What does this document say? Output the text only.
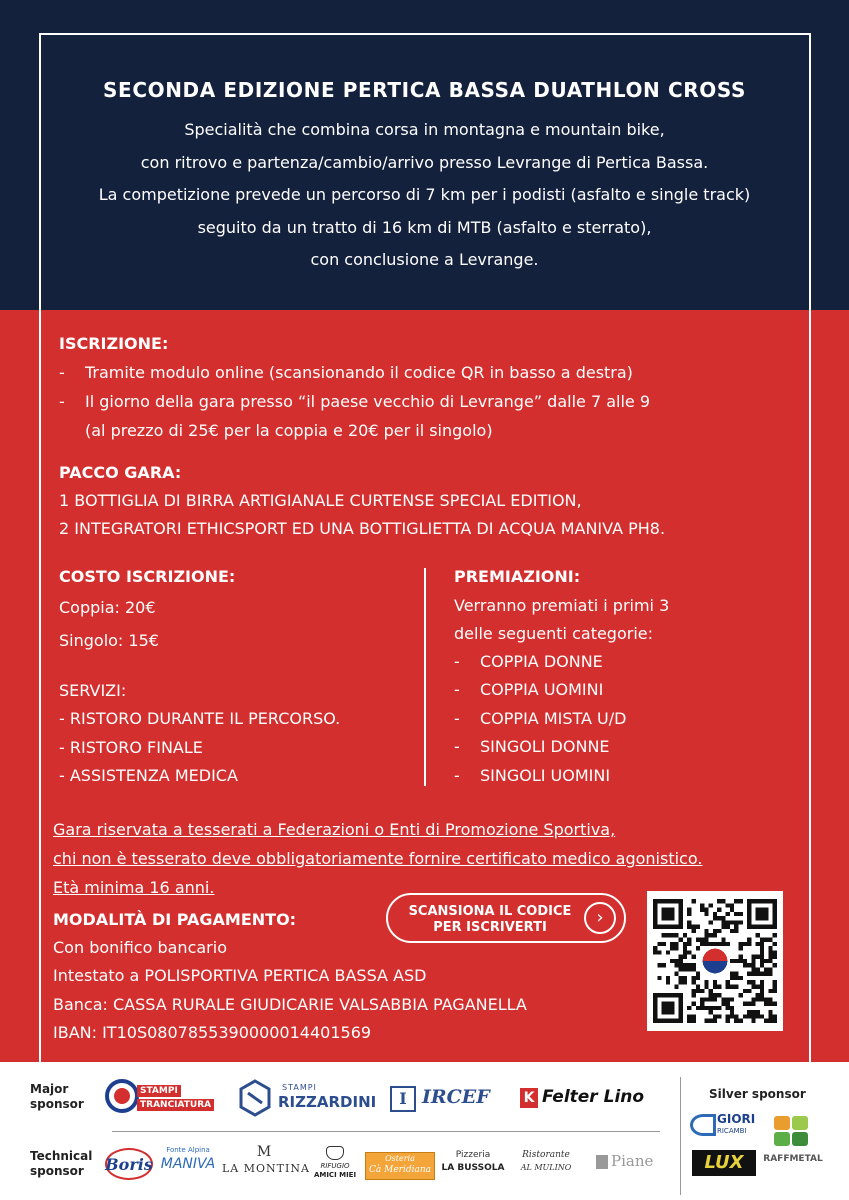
SECONDA EDIZIONE PERTICA BASSA DUATHLON CROSS
Specialità che combina corsa in montagna e mountain bike,
con ritrovo e partenza/cambio/arrivo presso Levrange di Pertica Bassa.
La competizione prevede un percorso di 7 km per i podisti (asfalto e single track)
seguito da un tratto di 16 km di MTB (asfalto e sterrato),
con conclusione a Levrange.
ISCRIZIONE:
- Tramite modulo online (scansionando il codice QR in basso a destra)
- Il giorno della gara presso “il paese vecchio di Levrange” dalle 7 alle 9
(al prezzo di 25€ per la coppia e 20€ per il singolo)
PACCO GARA:
1 BOTTIGLIA DI BIRRA ARTIGIANALE CURTENSE SPECIAL EDITION,
2 INTEGRATORI ETHICSPORT ED UNA BOTTIGLIETTA DI ACQUA MANIVA PH8.
COSTO ISCRIZIONE:
Coppia: 20€
Singolo: 15€
SERVIZI:
- RISTORO DURANTE IL PERCORSO.
- RISTORO FINALE
- ASSISTENZA MEDICA
PREMIAZIONI:
Verranno premiati i primi 3
delle seguenti categorie:
- COPPIA DONNE
- COPPIA UOMINI
- COPPIA MISTA U/D
- SINGOLI DONNE
- SINGOLI UOMINI
Gara riservata a tesserati a Federazioni o Enti di Promozione Sportiva,
chi non è tesserato deve obbligatoriamente fornire certificato medico agonistico.
Età minima 16 anni.
MODALITÀ DI PAGAMENTO:
Con bonifico bancario
Intestato a POLISPORTIVA PERTICA BASSA ASD
Banca: CASSA RURALE GIUDICARIE VALSABBIA PAGANELLA
IBAN: IT10S0807855390000014401569
SCANSIONA IL CODICE
PER ISCRIVERTI	›
Major
sponsor
Technical
sponsor
Silver sponsor
STAMPI
TRANCIATURA
STAMPI
RIZZARDINI	I IRCEF K Felter Lino
Boris
Fonte Alpina
MANIVA
M
LA MONTINA	RIFUGIO
AMICI MIEI
Osteria
Cà Meridiana
Pizzeria
LA BUSSOLA
Ristorante
AL MULINO	Piane
GIORI
RICAMBI
LUX	RAFFMETAL
